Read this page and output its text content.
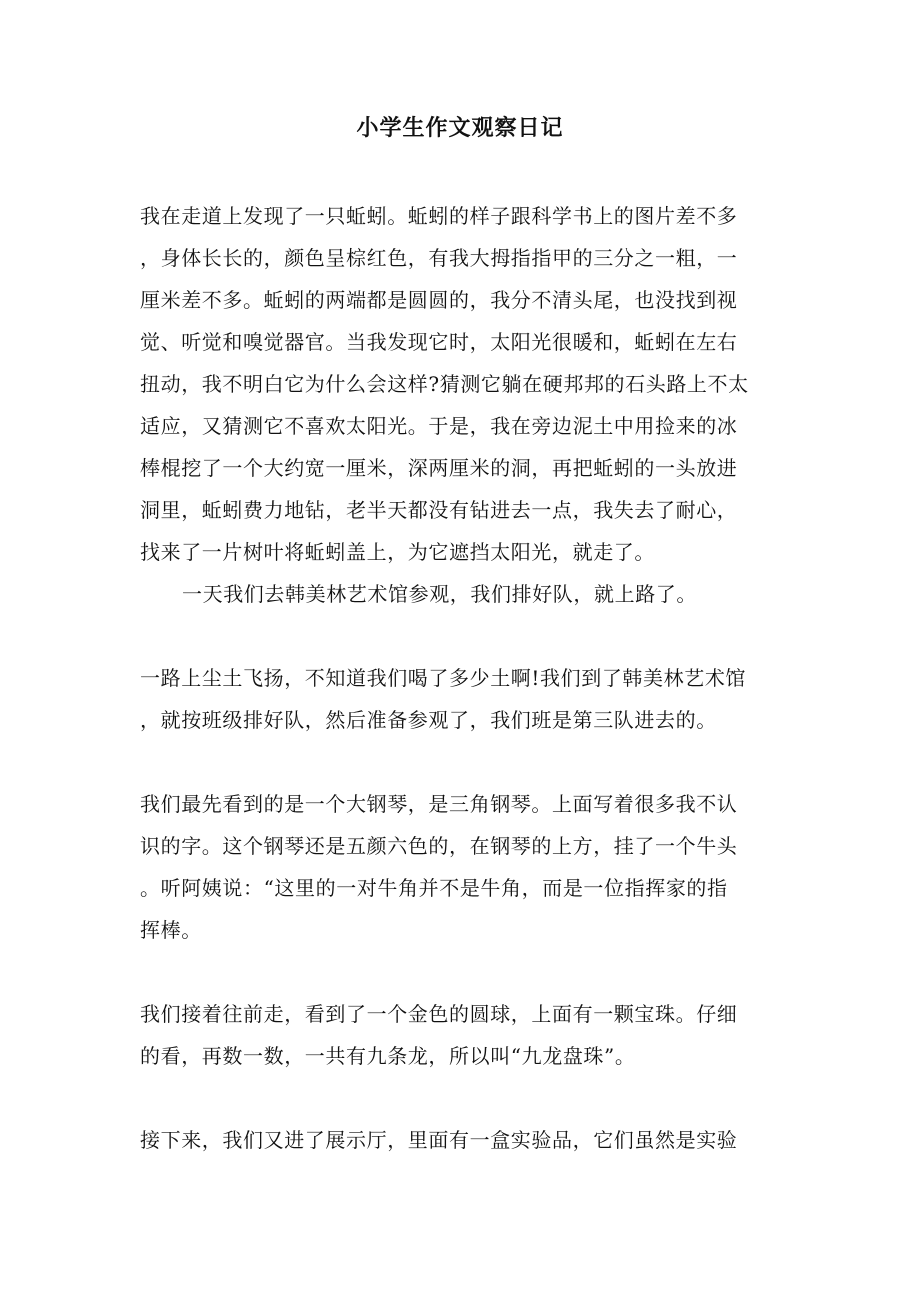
小学生作文观察日记
我在走道上发现了一只蚯蚓。蚯蚓的样子跟科学书上的图片差不多
，身体长长的，颜色呈棕红色，有我大拇指指甲的三分之一粗，一
厘米差不多。蚯蚓的两端都是圆圆的，我分不清头尾，也没找到视
觉、听觉和嗅觉器官。当我发现它时，太阳光很暖和，蚯蚓在左右
扭动，我不明白它为什么会这样?猜测它躺在硬邦邦的石头路上不太
适应，又猜测它不喜欢太阳光。于是，我在旁边泥土中用捡来的冰
棒棍挖了一个大约宽一厘米，深两厘米的洞，再把蚯蚓的一头放进
洞里，蚯蚓费力地钻，老半天都没有钻进去一点，我失去了耐心，
找来了一片树叶将蚯蚓盖上，为它遮挡太阳光，就走了。
一天我们去韩美林艺术馆参观，我们排好队，就上路了。
一路上尘土飞扬，不知道我们喝了多少土啊!我们到了韩美林艺术馆
，就按班级排好队，然后准备参观了，我们班是第三队进去的。
我们最先看到的是一个大钢琴，是三角钢琴。上面写着很多我不认
识的字。这个钢琴还是五颜六色的，在钢琴的上方，挂了一个牛头
。听阿姨说：“这里的一对牛角并不是牛角，而是一位指挥家的指
挥棒。
我们接着往前走，看到了一个金色的圆球，上面有一颗宝珠。仔细
的看，再数一数，一共有九条龙，所以叫“九龙盘珠”。
接下来，我们又进了展示厅，里面有一盒实验品，它们虽然是实验
